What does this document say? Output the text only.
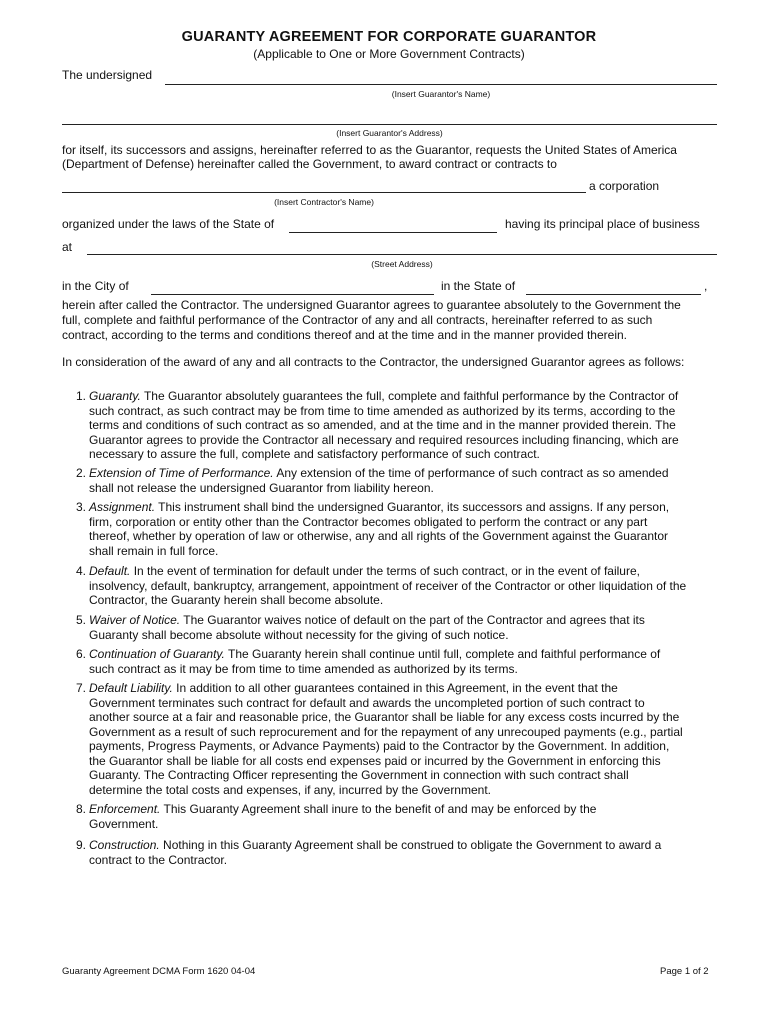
GUARANTY AGREEMENT FOR CORPORATE GUARANTOR
(Applicable to One or More Government Contracts)
The undersigned
(Insert Guarantor's Name)
(Insert Guarantor's Address)
for itself, its successors and assigns, hereinafter referred to as the Guarantor, requests the United States of America
(Department of Defense) hereinafter called the Government, to award contract or contracts to
a corporation
(Insert Contractor's Name)
organized under the laws of the State of	having its principal place of business
at
(Street Address)
in the City of	in the State of	,
herein after called the Contractor. The undersigned Guarantor agrees to guarantee absolutely to the Government the
full, complete and faithful performance of the Contractor of any and all contracts, hereinafter referred to as such
contract, according to the terms and conditions thereof and at the time and in the manner provided therein.
In consideration of the award of any and all contracts to the Contractor, the undersigned Guarantor agrees as follows:
1. Guaranty. The Guarantor absolutely guarantees the full, complete and faithful performance by the Contractor of
such contract, as such contract may be from time to time amended as authorized by its terms, according to the
terms and conditions of such contract as so amended, and at the time and in the manner provided therein. The
Guarantor agrees to provide the Contractor all necessary and required resources including financing, which are
necessary to assure the full, complete and satisfactory performance of such contract.
2. Extension of Time of Performance. Any extension of the time of performance of such contract as so amended
shall not release the undersigned Guarantor from liability hereon.
3. Assignment. This instrument shall bind the undersigned Guarantor, its successors and assigns. If any person,
firm, corporation or entity other than the Contractor becomes obligated to perform the contract or any part
thereof, whether by operation of law or otherwise, any and all rights of the Government against the Guarantor
shall remain in full force.
4. Default. In the event of termination for default under the terms of such contract, or in the event of failure,
insolvency, default, bankruptcy, arrangement, appointment of receiver of the Contractor or other liquidation of the
Contractor, the Guaranty herein shall become absolute.
5. Waiver of Notice. The Guarantor waives notice of default on the part of the Contractor and agrees that its
Guaranty shall become absolute without necessity for the giving of such notice.
6. Continuation of Guaranty. The Guaranty herein shall continue until full, complete and faithful performance of
such contract as it may be from time to time amended as authorized by its terms.
7. Default Liability. In addition to all other guarantees contained in this Agreement, in the event that the
Government terminates such contract for default and awards the uncompleted portion of such contract to
another source at a fair and reasonable price, the Guarantor shall be liable for any excess costs incurred by the
Government as a result of such reprocurement and for the repayment of any unrecouped payments (e.g., partial
payments, Progress Payments, or Advance Payments) paid to the Contractor by the Government. In addition,
the Guarantor shall be liable for all costs end expenses paid or incurred by the Government in enforcing this
Guaranty. The Contracting Officer representing the Government in connection with such contract shall
determine the total costs and expenses, if any, incurred by the Government.
8. Enforcement. This Guaranty Agreement shall inure to the benefit of and may be enforced by the
Government.
9. Construction. Nothing in this Guaranty Agreement shall be construed to obligate the Government to award a
contract to the Contractor.
Guaranty Agreement DCMA Form 1620 04-04	Page 1 of 2
